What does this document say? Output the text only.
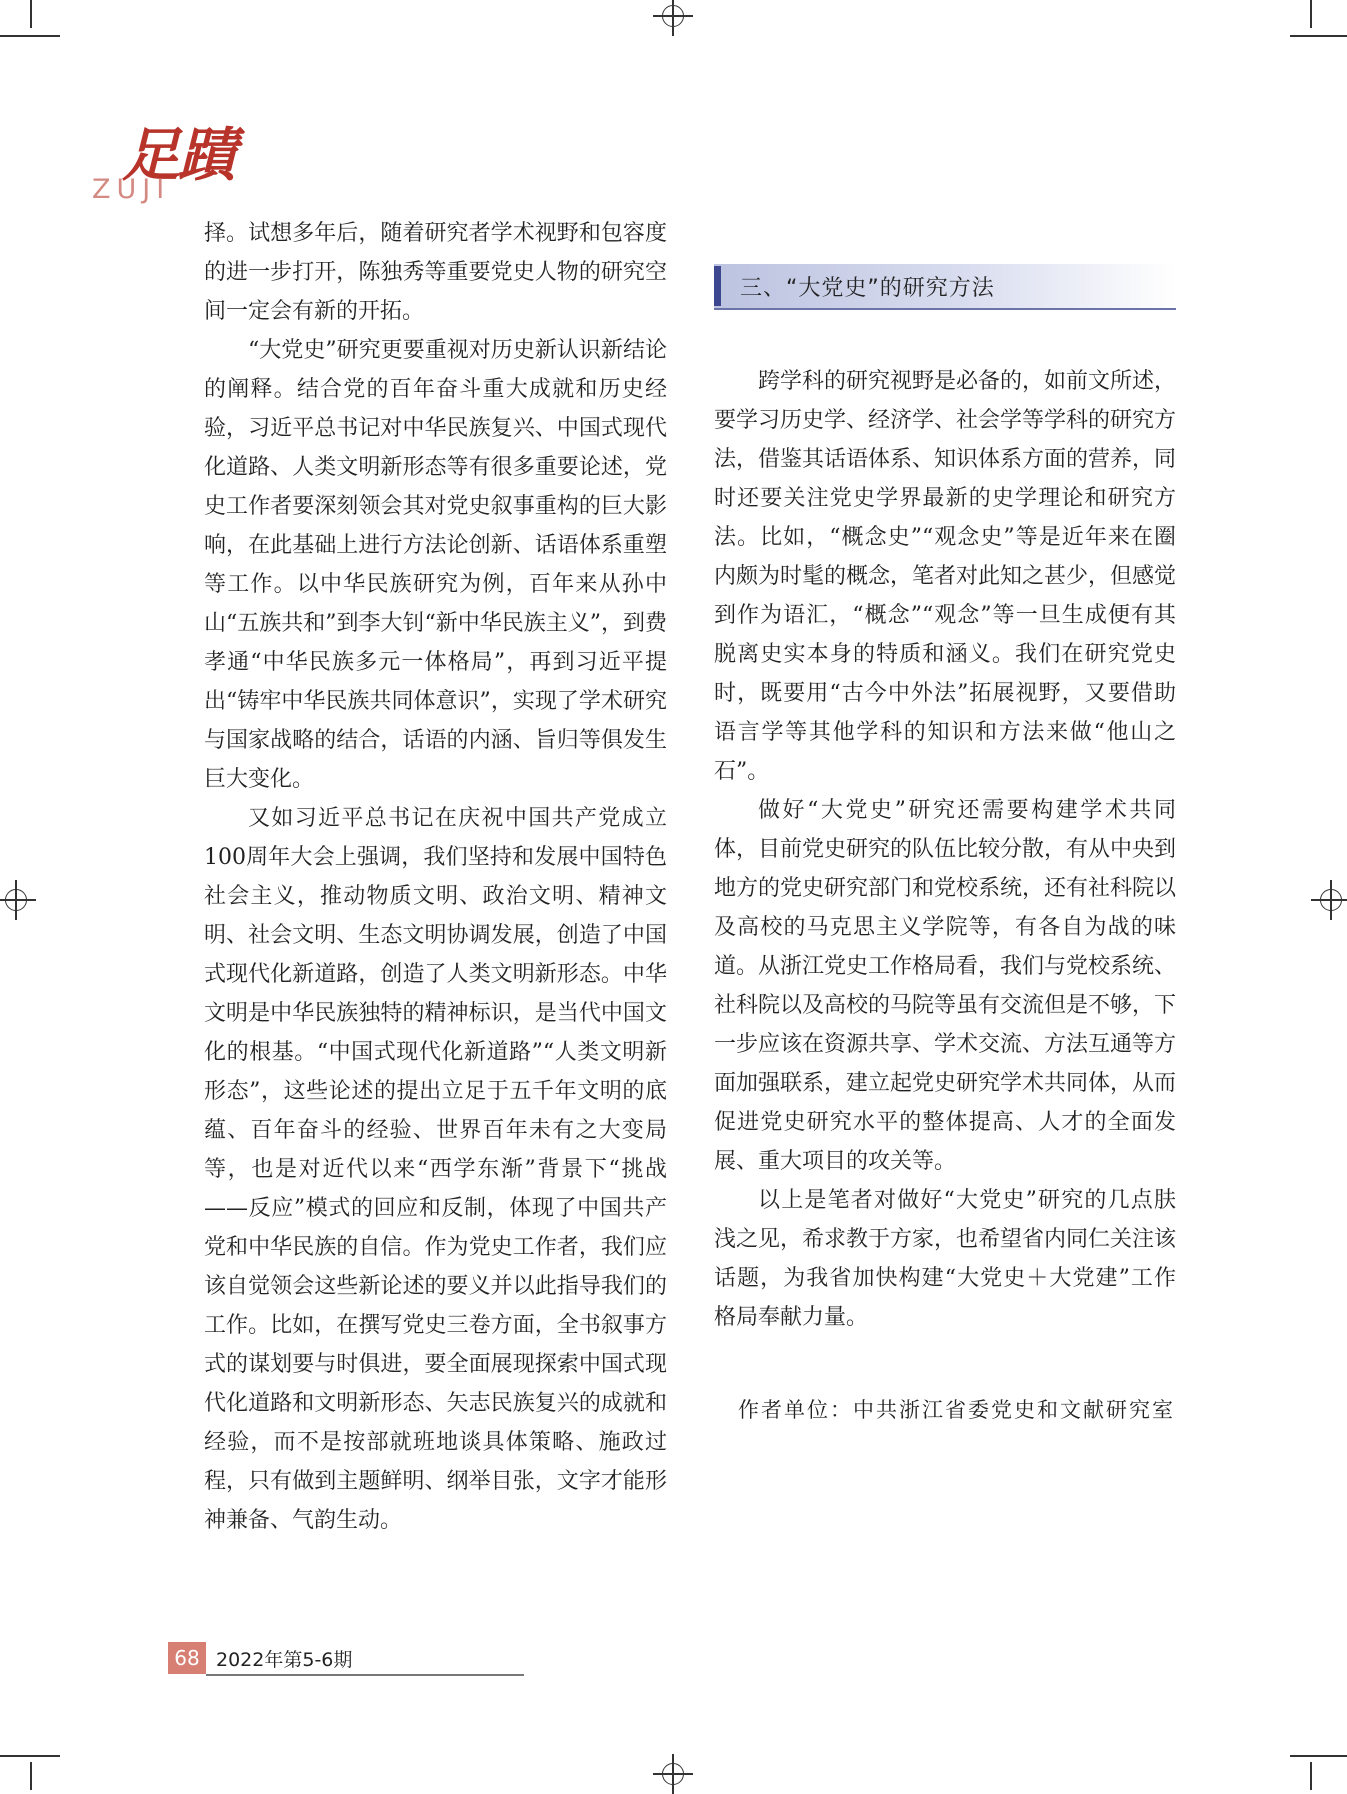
足蹟
ZUJI

择。试想多年后，随着研究者学术视野和包容度的进一步打开，陈独秀等重要党史人物的研究空间一定会有新的开拓。

“大党史”研究更要重视对历史新认识新结论的阐释。结合党的百年奋斗重大成就和历史经验，习近平总书记对中华民族复兴、中国式现代化道路、人类文明新形态等有很多重要论述，党史工作者要深刻领会其对党史叙事重构的巨大影响，在此基础上进行方法论创新、话语体系重塑等工作。以中华民族研究为例，百年来从孙中山“五族共和”到李大钊“新中华民族主义”，到费孝通“中华民族多元一体格局”，再到习近平提出“铸牢中华民族共同体意识”，实现了学术研究与国家战略的结合，话语的内涵、旨归等俱发生巨大变化。

又如习近平总书记在庆祝中国共产党成立100周年大会上强调，我们坚持和发展中国特色社会主义，推动物质文明、政治文明、精神文明、社会文明、生态文明协调发展，创造了中国式现代化新道路，创造了人类文明新形态。中华文明是中华民族独特的精神标识，是当代中国文化的根基。“中国式现代化新道路”“人类文明新形态”，这些论述的提出立足于五千年文明的底蕴、百年奋斗的经验、世界百年未有之大变局等，也是对近代以来“西学东渐”背景下“挑战——反应”模式的回应和反制，体现了中国共产党和中华民族的自信。作为党史工作者，我们应该自觉领会这些新论述的要义并以此指导我们的工作。比如，在撰写党史三卷方面，全书叙事方式的谋划要与时俱进，要全面展现探索中国式现代化道路和文明新形态、矢志民族复兴的成就和经验，而不是按部就班地谈具体策略、施政过程，只有做到主题鲜明、纲举目张，文字才能形神兼备、气韵生动。

三、“大党史”的研究方法

跨学科的研究视野是必备的，如前文所述，要学习历史学、经济学、社会学等学科的研究方法，借鉴其话语体系、知识体系方面的营养，同时还要关注党史学界最新的史学理论和研究方法。比如，“概念史”“观念史”等是近年来在圈内颇为时髦的概念，笔者对此知之甚少，但感觉到作为语汇，“概念”“观念”等一旦生成便有其脱离史实本身的特质和涵义。我们在研究党史时，既要用“古今中外法”拓展视野，又要借助语言学等其他学科的知识和方法来做“他山之石”。

做好“大党史”研究还需要构建学术共同体，目前党史研究的队伍比较分散，有从中央到地方的党史研究部门和党校系统，还有社科院以及高校的马克思主义学院等，有各自为战的味道。从浙江党史工作格局看，我们与党校系统、社科院以及高校的马院等虽有交流但是不够，下一步应该在资源共享、学术交流、方法互通等方面加强联系，建立起党史研究学术共同体，从而促进党史研究水平的整体提高、人才的全面发展、重大项目的攻关等。

以上是笔者对做好“大党史”研究的几点肤浅之见，希求教于方家，也希望省内同仁关注该话题，为我省加快构建“大党史＋大党建”工作格局奉献力量。

作者单位：中共浙江省委党史和文献研究室
68 2022年第5-6期
